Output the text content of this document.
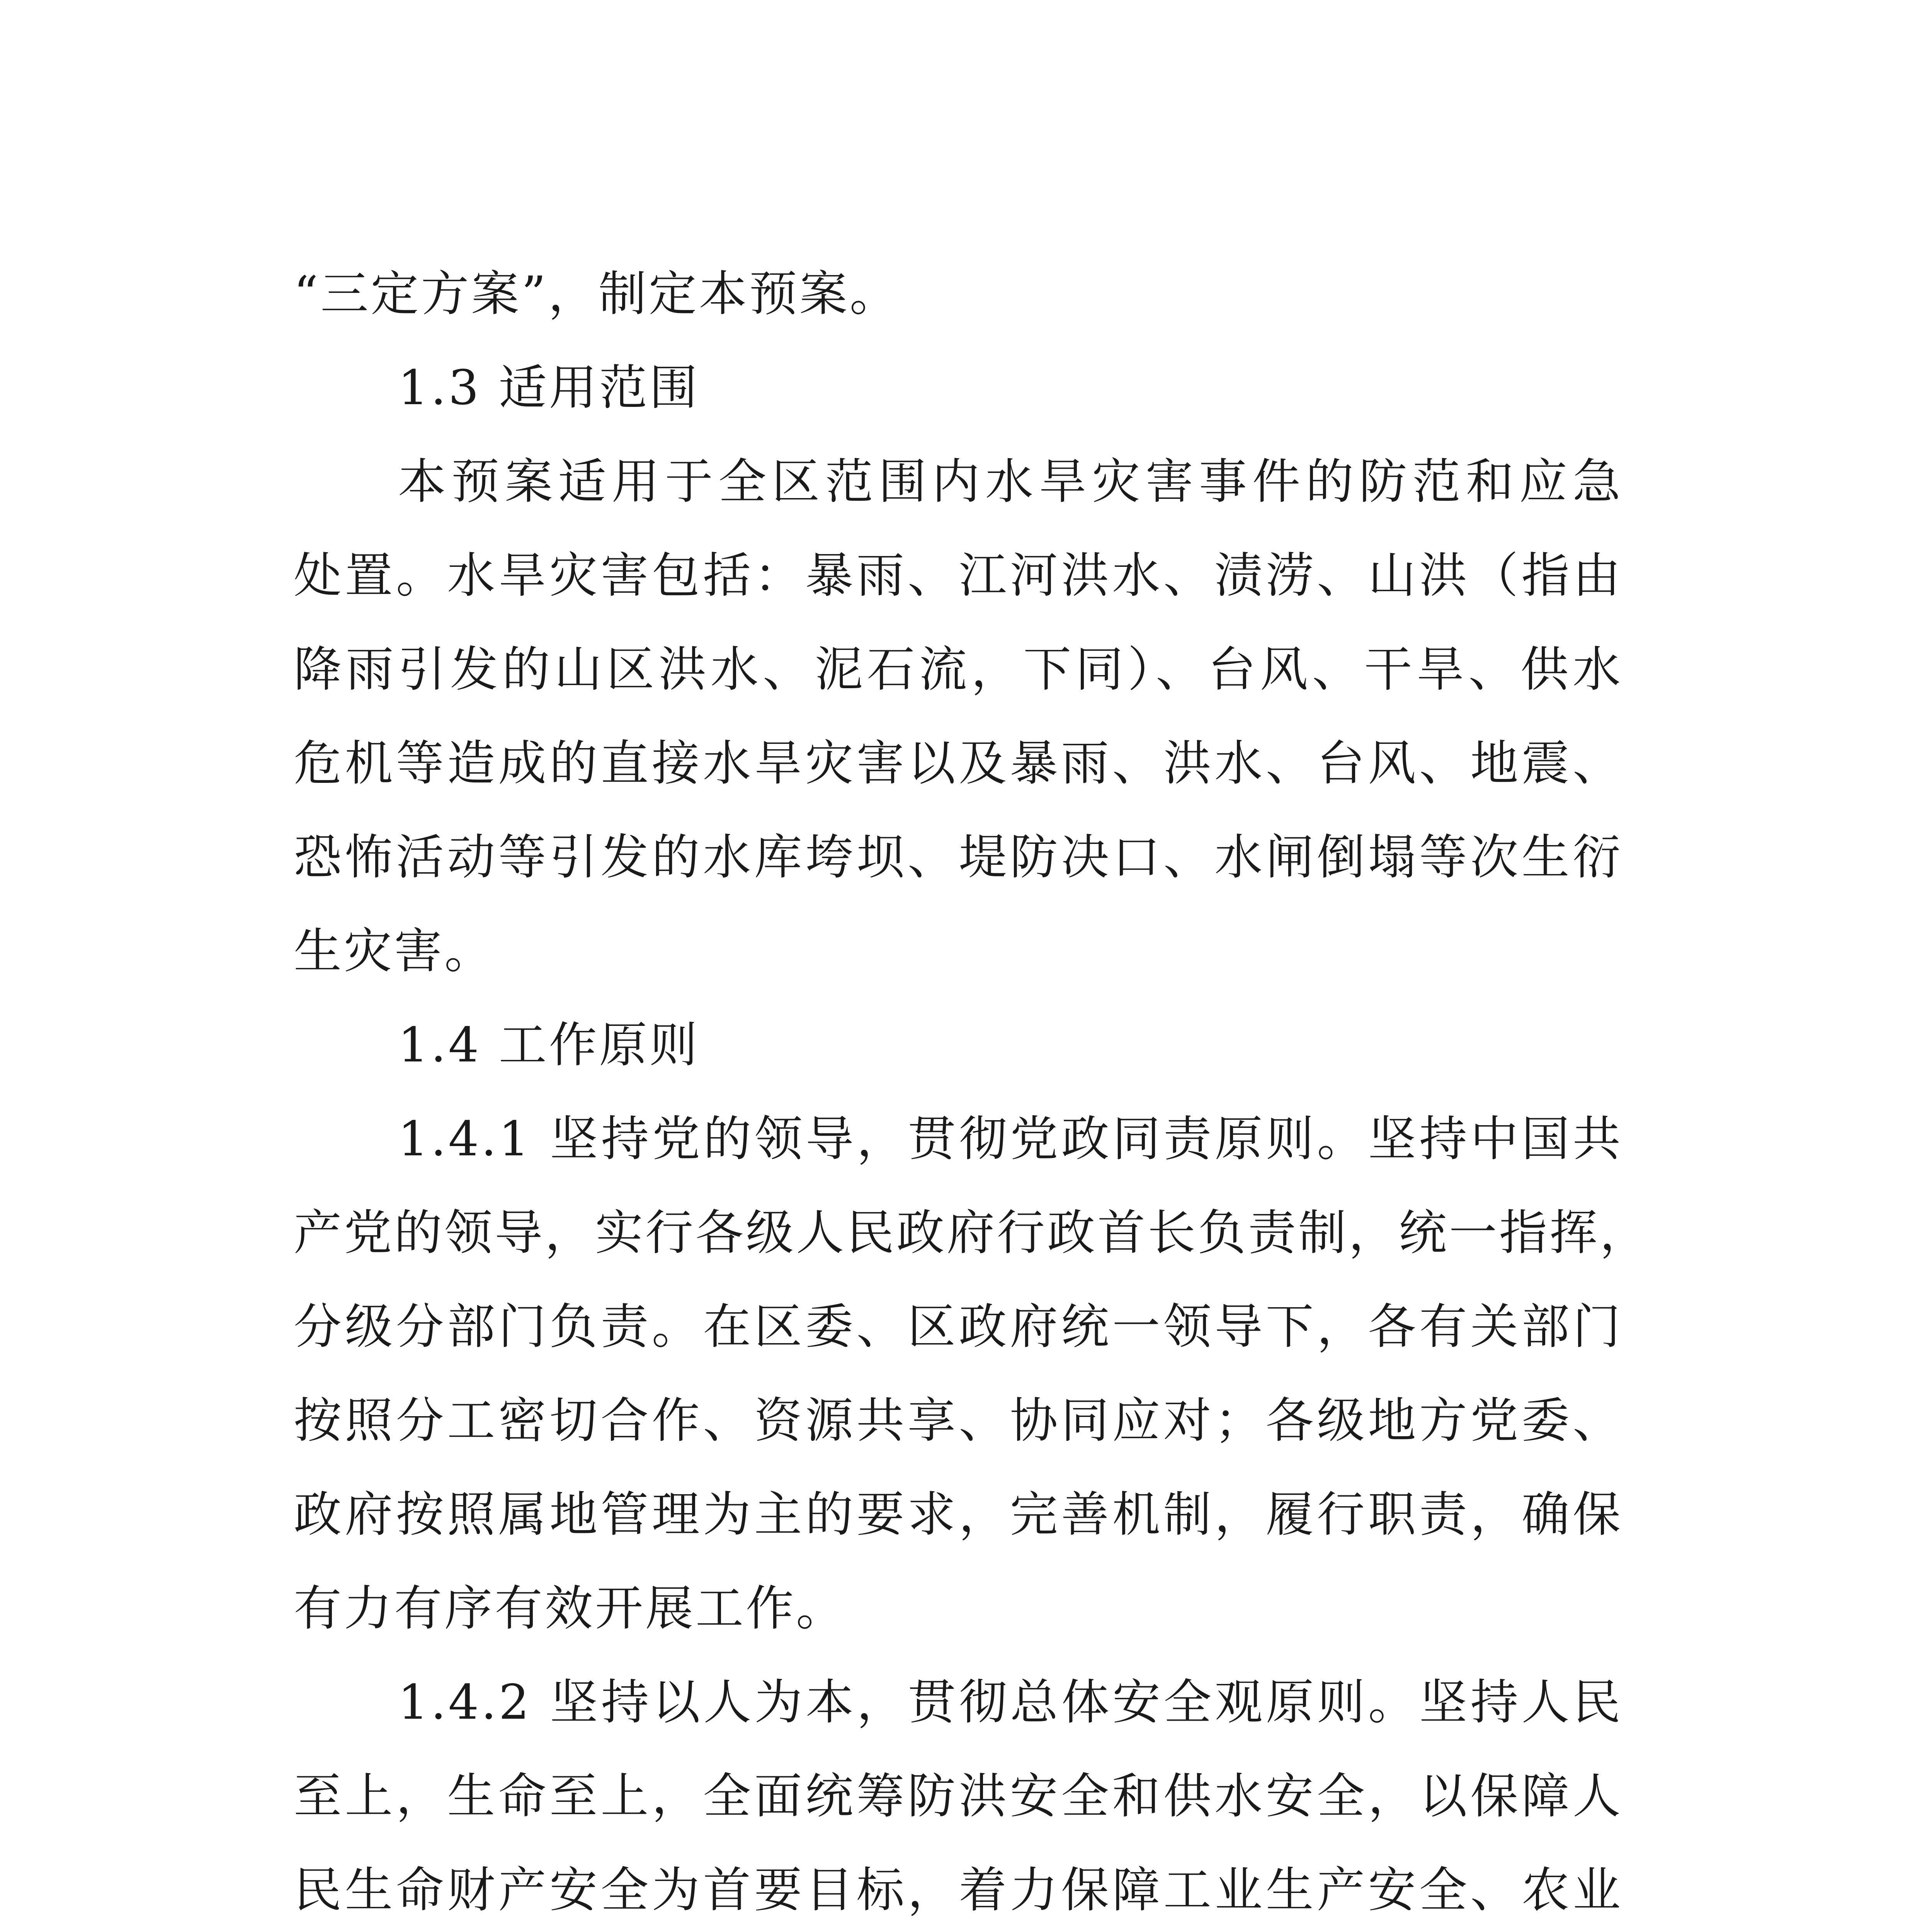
“三定方案”，制定本预案。
1.3 适用范围
本预案适用于全区范围内水旱灾害事件的防范和应急
处置。水旱灾害包括：暴雨、江河洪水、渍涝、山洪（指由
降雨引发的山区洪水、泥石流，下同）、台风、干旱、供水
危机等造成的直接水旱灾害以及暴雨、洪水、台风、地震、
恐怖活动等引发的水库垮坝、堤防决口、水闸倒塌等次生衍
生灾害。
1.4 工作原则
1.4.1 坚持党的领导，贯彻党政同责原则。坚持中国共
产党的领导，实行各级人民政府行政首长负责制，统一指挥，
分级分部门负责。在区委、区政府统一领导下，各有关部门
按照分工密切合作、资源共享、协同应对；各级地方党委、
政府按照属地管理为主的要求，完善机制，履行职责，确保
有力有序有效开展工作。
1.4.2 坚持以人为本，贯彻总体安全观原则。坚持人民
至上，生命至上，全面统筹防洪安全和供水安全，以保障人
民生命财产安全为首要目标，着力保障工业生产安全、农业
